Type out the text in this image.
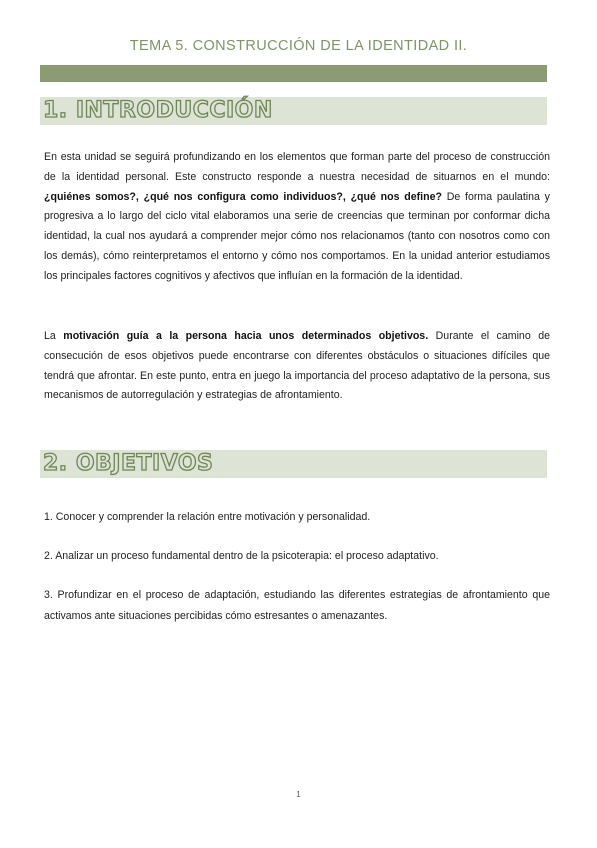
TEMA 5. CONSTRUCCIÓN DE LA IDENTIDAD II.
1. INTRODUCCIÓN

En esta unidad se seguirá profundizando en los elementos que forman parte del proceso de construcción de la identidad personal. Este constructo responde a nuestra necesidad de situarnos en el mundo: ¿quiénes somos?, ¿qué nos configura como individuos?, ¿qué nos define? De forma paulatina y progresiva a lo largo del ciclo vital elaboramos una serie de creencias que terminan por conformar dicha identidad, la cual nos ayudará a comprender mejor cómo nos relacionamos (tanto con nosotros como con los demás), cómo reinterpretamos el entorno y cómo nos comportamos. En la unidad anterior estudiamos los principales factores cognitivos y afectivos que influían en la formación de la identidad.

La motivación guía a la persona hacia unos determinados objetivos. Durante el camino de consecución de esos objetivos puede encontrarse con diferentes obstáculos o situaciones difíciles que tendrá que afrontar. En este punto, entra en juego la importancia del proceso adaptativo de la persona, sus mecanismos de autorregulación y estrategias de afrontamiento.

2. OBJETIVOS

1. Conocer y comprender la relación entre motivación y personalidad.

2. Analizar un proceso fundamental dentro de la psicoterapia: el proceso adaptativo.

3. Profundizar en el proceso de adaptación, estudiando las diferentes estrategias de afrontamiento que activamos ante situaciones percibidas cómo estresantes o amenazantes.

1
